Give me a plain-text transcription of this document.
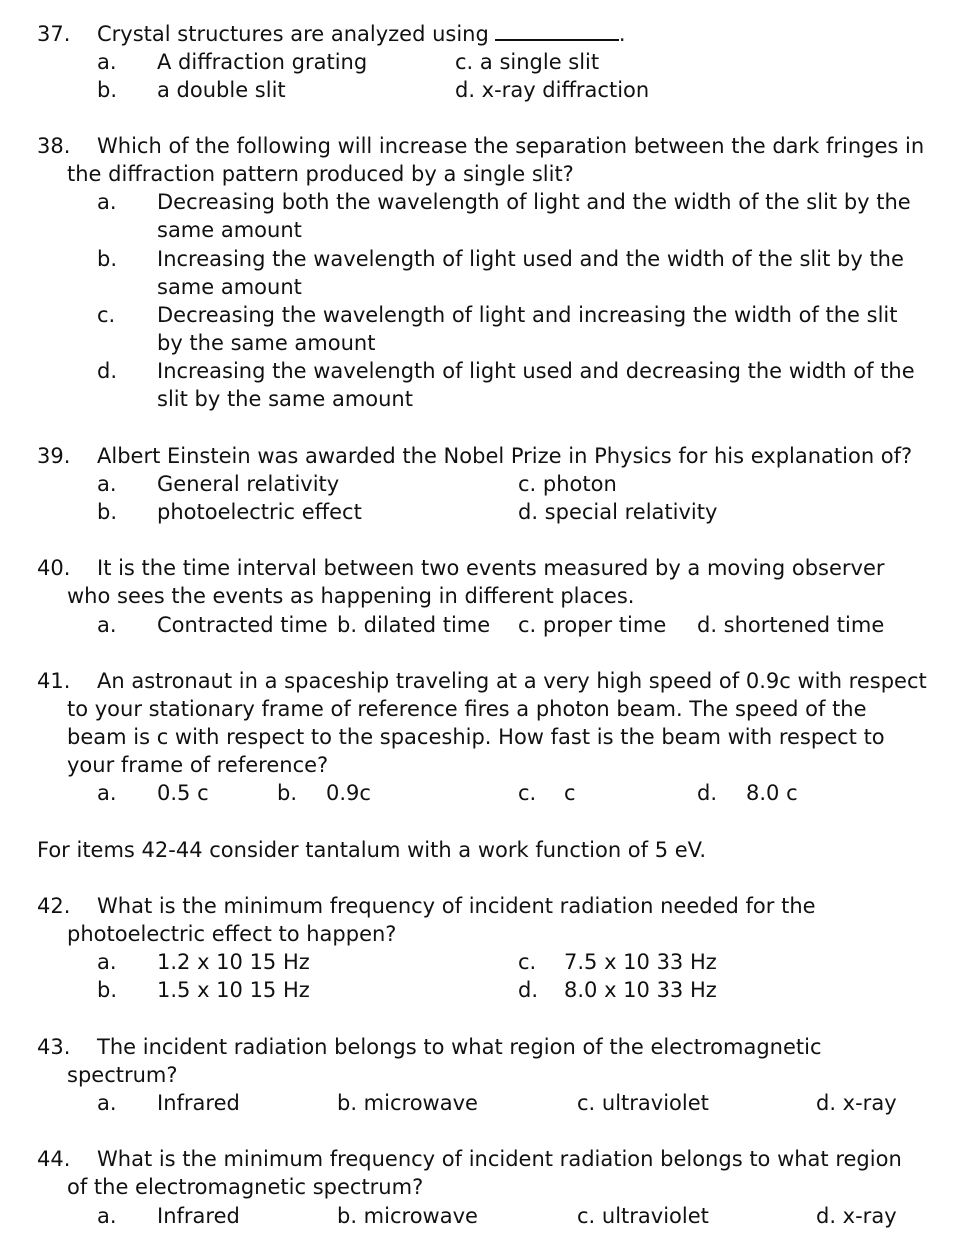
37. Crystal structures are analyzed using	.
a. A diffraction grating	c. a single slit
b. a double slit	d. x-ray diffraction
38. Which of the following will increase the separation between the dark fringes in
the diffraction pattern produced by a single slit?
a. Decreasing both the wavelength of light and the width of the slit by the
same amount
b. Increasing the wavelength of light used and the width of the slit by the
same amount
c. Decreasing the wavelength of light and increasing the width of the slit
by the same amount
d. Increasing the wavelength of light used and decreasing the width of the
slit by the same amount
39. Albert Einstein was awarded the Nobel Prize in Physics for his explanation of?
a. General relativity	c. photon
b. photoelectric effect	d. special relativity
40. It is the time interval between two events measured by a moving observer
who sees the events as happening in different places.
a. Contracted time b. dilated time c. proper time d. shortened time
41. An astronaut in a spaceship traveling at a very high speed of 0.9c with respect
to your stationary frame of reference fires a photon beam. The speed of the
beam is c with respect to the spaceship. How fast is the beam with respect to
your frame of reference?
a. 0.5 c	b. 0.9c	c. c	d. 8.0 c
For items 42-44 consider tantalum with a work function of 5 eV.
42. What is the minimum frequency of incident radiation needed for the
photoelectric effect to happen?
a. 1.2 x 10 15 Hz	c. 7.5 x 10 33 Hz
b. 1.5 x 10 15 Hz	d. 8.0 x 10 33 Hz
43. The incident radiation belongs to what region of the electromagnetic
spectrum?
a. Infrared	b. microwave	c. ultraviolet	d. x-ray
44. What is the minimum frequency of incident radiation belongs to what region
of the electromagnetic spectrum?
a. Infrared	b. microwave	c. ultraviolet	d. x-ray
